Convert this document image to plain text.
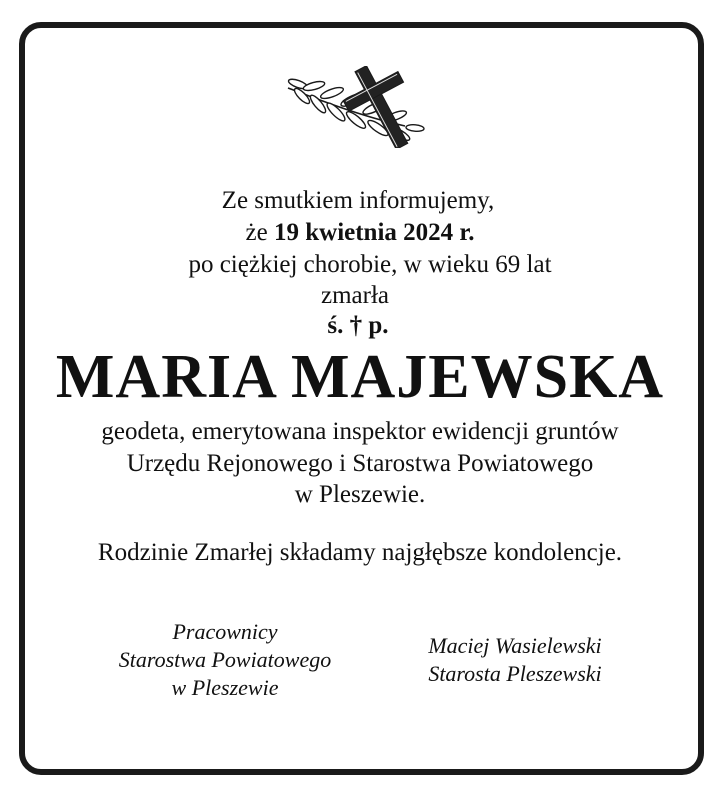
Ze smutkiem informujemy,
że 19 kwietnia 2024 r.
po ciężkiej chorobie, w wieku 69 lat
zmarła
ś. † p.
MARIA MAJEWSKA
geodeta, emerytowana inspektor ewidencji gruntów
Urzędu Rejonowego i Starostwa Powiatowego
w Pleszewie.
Rodzinie Zmarłej składamy najgłębsze kondolencje.
Pracownicy
Starostwa Powiatowego
w Pleszewie
Maciej Wasielewski
Starosta Pleszewski
